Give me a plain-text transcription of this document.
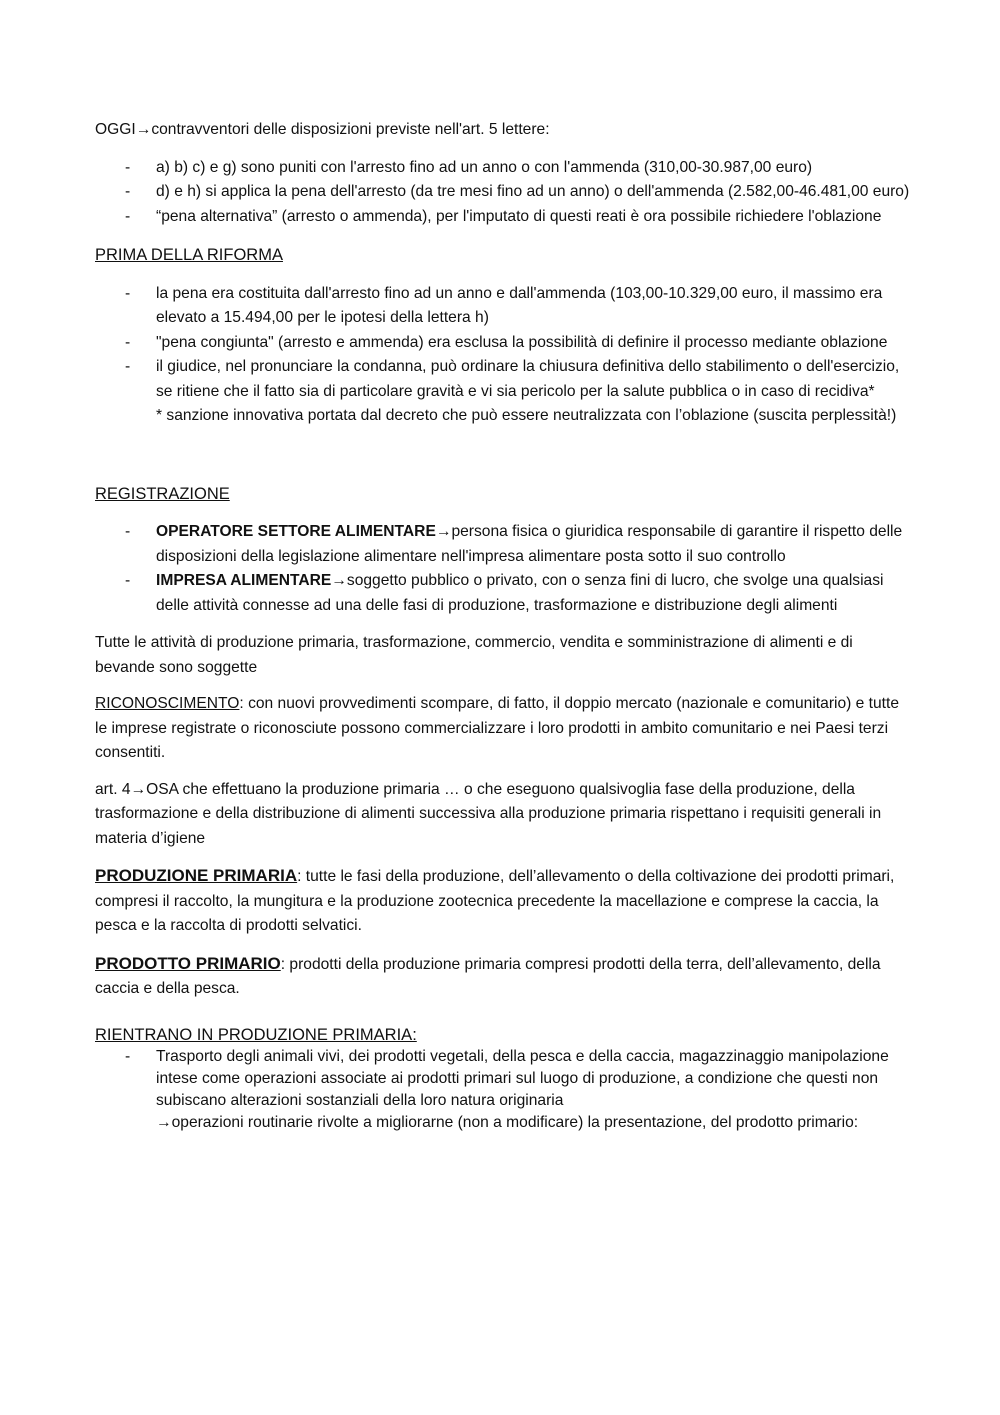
OGGI→contravventori delle disposizioni previste nell'art. 5 lettere:

- a) b) c) e g) sono puniti con l'arresto fino ad un anno o con l'ammenda (310,00-30.987,00 euro)
- d) e h) si applica la pena dell'arresto (da tre mesi fino ad un anno) o dell'ammenda (2.582,00-46.481,00 euro)
- “pena alternativa” (arresto o ammenda), per l'imputato di questi reati è ora possibile richiedere l'oblazione

PRIMA DELLA RIFORMA

- la pena era costituita dall'arresto fino ad un anno e dall'ammenda (103,00-10.329,00 euro, il massimo era elevato a 15.494,00 per le ipotesi della lettera h)
- "pena congiunta" (arresto e ammenda) era esclusa la possibilità di definire il processo mediante oblazione
- il giudice, nel pronunciare la condanna, può ordinare la chiusura definitiva dello stabilimento o dell'esercizio, se ritiene che il fatto sia di particolare gravità e vi sia pericolo per la salute pubblica o in caso di recidiva*
* sanzione innovativa portata dal decreto che può essere neutralizzata con l’oblazione (suscita perplessità!)

REGISTRAZIONE

- OPERATORE SETTORE ALIMENTARE→persona fisica o giuridica responsabile di garantire il rispetto delle disposizioni della legislazione alimentare nell'impresa alimentare posta sotto il suo controllo
- IMPRESA ALIMENTARE→soggetto pubblico o privato, con o senza fini di lucro, che svolge una qualsiasi delle attività connesse ad una delle fasi di produzione, trasformazione e distribuzione degli alimenti

Tutte le attività di produzione primaria, trasformazione, commercio, vendita e somministrazione di alimenti e di bevande sono soggette

RICONOSCIMENTO: con nuovi provvedimenti scompare, di fatto, il doppio mercato (nazionale e comunitario) e tutte le imprese registrate o riconosciute possono commercializzare i loro prodotti in ambito comunitario e nei Paesi terzi consentiti.

art. 4→OSA che effettuano la produzione primaria … o che eseguono qualsivoglia fase della produzione, della trasformazione e della distribuzione di alimenti successiva alla produzione primaria rispettano i requisiti generali in materia d’igiene

PRODUZIONE PRIMARIA: tutte le fasi della produzione, dell’allevamento o della coltivazione dei prodotti primari, compresi il raccolto, la mungitura e la produzione zootecnica precedente la macellazione e comprese la caccia, la pesca e la raccolta di prodotti selvatici.

PRODOTTO PRIMARIO: prodotti della produzione primaria compresi prodotti della terra, dell’allevamento, della caccia e della pesca.

RIENTRANO IN PRODUZIONE PRIMARIA:

- Trasporto degli animali vivi, dei prodotti vegetali, della pesca e della caccia, magazzinaggio manipolazione intese come operazioni associate ai prodotti primari sul luogo di produzione, a condizione che questi non subiscano alterazioni sostanziali della loro natura originaria
→operazioni routinarie rivolte a migliorarne (non a modificare) la presentazione, del prodotto primario:
